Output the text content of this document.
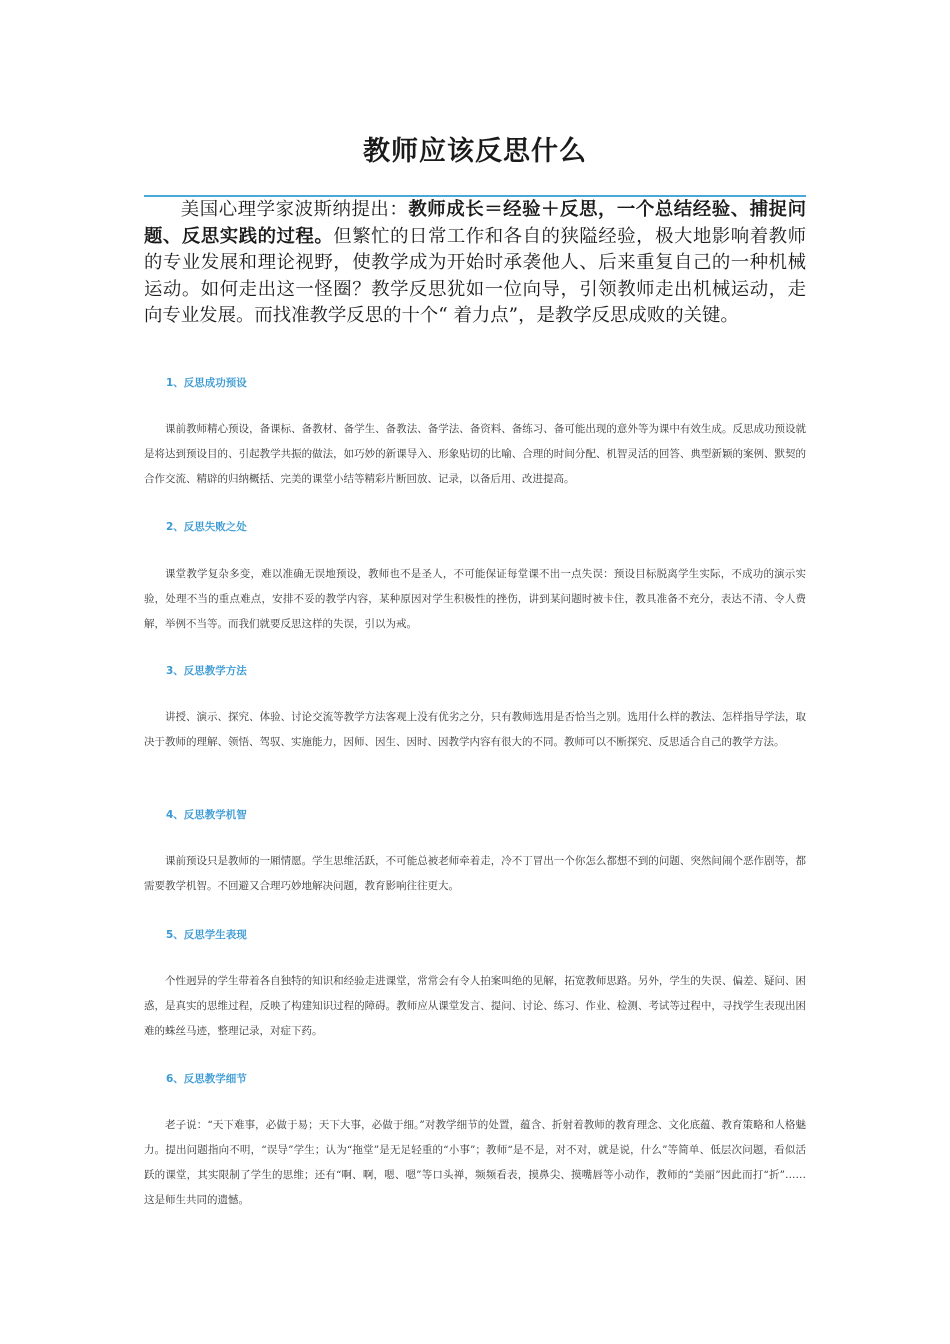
教师应该反思什么

美国心理学家波斯纳提出：教师成长＝经验＋反思，一个总结经验、捕捉问题、反思实践的过程。但繁忙的日常工作和各自的狭隘经验，极大地影响着教师的专业发展和理论视野，使教学成为开始时承袭他人、后来重复自己的一种机械运动。如何走出这一怪圈？教学反思犹如一位向导，引领教师走出机械运动，走向专业发展。而找准教学反思的十个“ 着力点”，是教学反思成败的关键。

1、反思成功预设

课前教师精心预设，备课标、备教材、备学生、备教法、备学法、备资料、备练习、备可能出现的意外等为课中有效生成。反思成功预设就是将达到预设目的、引起教学共振的做法，如巧妙的新课导入、形象贴切的比喻、合理的时间分配、机智灵活的回答、典型新颖的案例、默契的合作交流、精辟的归纳概括、完美的课堂小结等精彩片断回放、记录，以备后用、改进提高。

2、反思失败之处

课堂教学复杂多变，难以准确无误地预设，教师也不是圣人，不可能保证每堂课不出一点失误：预设目标脱离学生实际，不成功的演示实验，处理不当的重点难点，安排不妥的教学内容，某种原因对学生积极性的挫伤，讲到某问题时被卡住，教具准备不充分，表达不清、令人费解，举例不当等。而我们就要反思这样的失误，引以为戒。

3、反思教学方法

讲授、演示、探究、体验、讨论交流等教学方法客观上没有优劣之分，只有教师选用是否恰当之别。选用什么样的教法、怎样指导学法，取决于教师的理解、领悟、驾驭、实施能力，因师、因生、因时、因教学内容有很大的不同。教师可以不断探究、反思适合自己的教学方法。

4、反思教学机智

课前预设只是教师的一厢情愿。学生思维活跃，不可能总被老师牵着走，冷不丁冒出一个你怎么都想不到的问题、突然间闹个恶作剧等，都需要教学机智。不回避又合理巧妙地解决问题，教育影响往往更大。

5、反思学生表现

个性迥异的学生带着各自独特的知识和经验走进课堂，常常会有令人拍案叫绝的见解，拓宽教师思路。另外，学生的失误、偏差、疑问、困惑，是真实的思维过程，反映了构建知识过程的障碍。教师应从课堂发言、提问、讨论、练习、作业、检测、考试等过程中，寻找学生表现出困难的蛛丝马迹，整理记录，对症下药。

6、反思教学细节

老子说：“天下难事，必做于易；天下大事，必做于细。”对教学细节的处置，蕴含、折射着教师的教育理念、文化底蕴、教育策略和人格魅力。提出问题指向不明，“误导”学生；认为“拖堂”是无足轻重的“小事”；教师“是不是，对不对，就是说，什么”等简单、低层次问题，看似活跃的课堂，其实限制了学生的思维；还有“啊、啊，嗯、嗯”等口头禅，频频看表，摸鼻尖、摸嘴唇等小动作，教师的“美丽”因此而打“折”……这是师生共同的遗憾。
